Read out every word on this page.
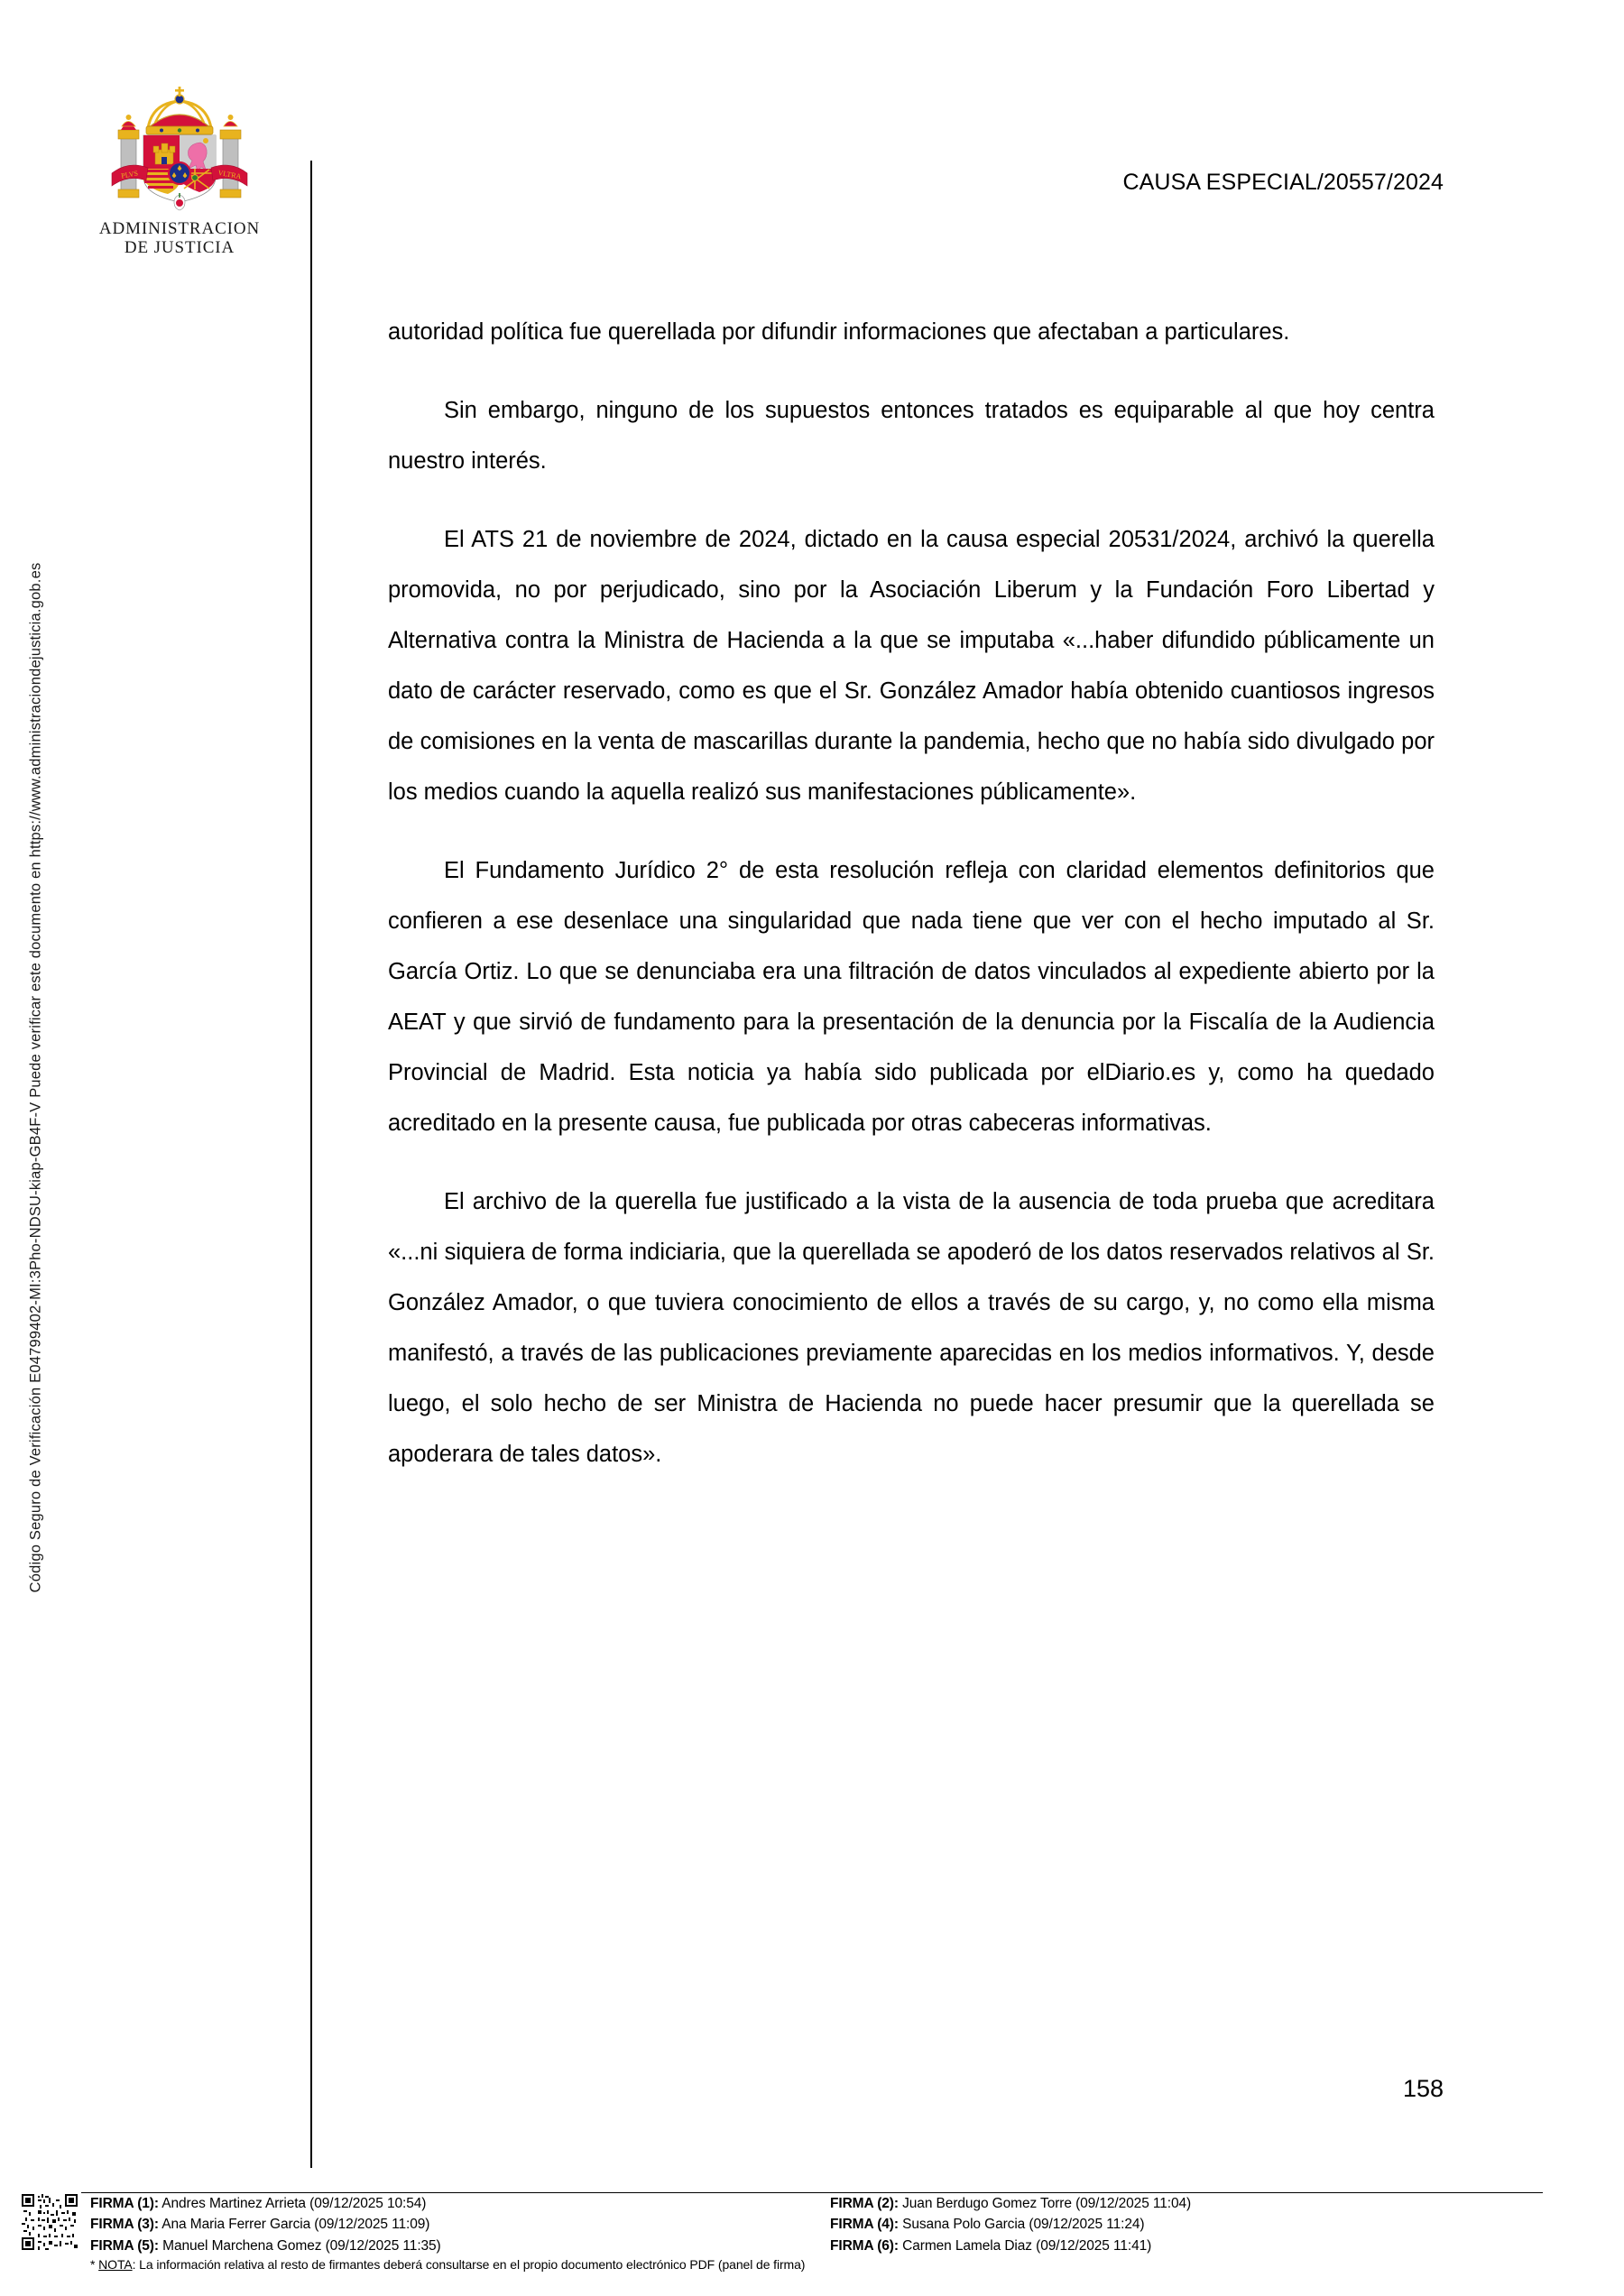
Código Seguro de Verificación E04799402-MI:3Pho-NDSU-kiap-GB4F-V Puede verificar este documento en https://www.administraciondejusticia.gob.es
PLVS	VLTRA
ADMINISTRACION
DE JUSTICIA
CAUSA ESPECIAL/20557/2024

autoridad política fue querellada por difundir informaciones que afectaban a particulares.

Sin embargo, ninguno de los supuestos entonces tratados es equiparable al que hoy centra nuestro interés.

El ATS 21 de noviembre de 2024, dictado en la causa especial 20531/2024, archivó la querella promovida, no por perjudicado, sino por la Asociación Liberum y la Fundación Foro Libertad y Alternativa contra la Ministra de Hacienda a la que se imputaba «...haber difundido públicamente un dato de carácter reservado, como es que el Sr. González Amador había obtenido cuantiosos ingresos de comisiones en la venta de mascarillas durante la pandemia, hecho que no había sido divulgado por los medios cuando la aquella realizó sus manifestaciones públicamente».

El Fundamento Jurídico 2° de esta resolución refleja con claridad elementos definitorios que confieren a ese desenlace una singularidad que nada tiene que ver con el hecho imputado al Sr. García Ortiz. Lo que se denunciaba era una filtración de datos vinculados al expediente abierto por la AEAT y que sirvió de fundamento para la presentación de la denuncia por la Fiscalía de la Audiencia Provincial de Madrid. Esta noticia ya había sido publicada por elDiario.es y, como ha quedado acreditado en la presente causa, fue publicada por otras cabeceras informativas.

El archivo de la querella fue justificado a la vista de la ausencia de toda prueba que acreditara «...ni siquiera de forma indiciaria, que la querellada se apoderó de los datos reservados relativos al Sr. González Amador, o que tuviera conocimiento de ellos a través de su cargo, y, no como ella misma manifestó, a través de las publicaciones previamente aparecidas en los medios informativos. Y, desde luego, el solo hecho de ser Ministra de Hacienda no puede hacer presumir que la querellada se apoderara de tales datos».

158
FIRMA (1): Andres Martinez Arrieta (09/12/2025 10:54)	FIRMA (2): Juan Berdugo Gomez Torre (09/12/2025 11:04)
FIRMA (3): Ana Maria Ferrer Garcia (09/12/2025 11:09)	FIRMA (4): Susana Polo Garcia (09/12/2025 11:24)
FIRMA (5): Manuel Marchena Gomez (09/12/2025 11:35)	FIRMA (6): Carmen Lamela Diaz (09/12/2025 11:41)
* NOTA: La información relativa al resto de firmantes deberá consultarse en el propio documento electrónico PDF (panel de firma)
